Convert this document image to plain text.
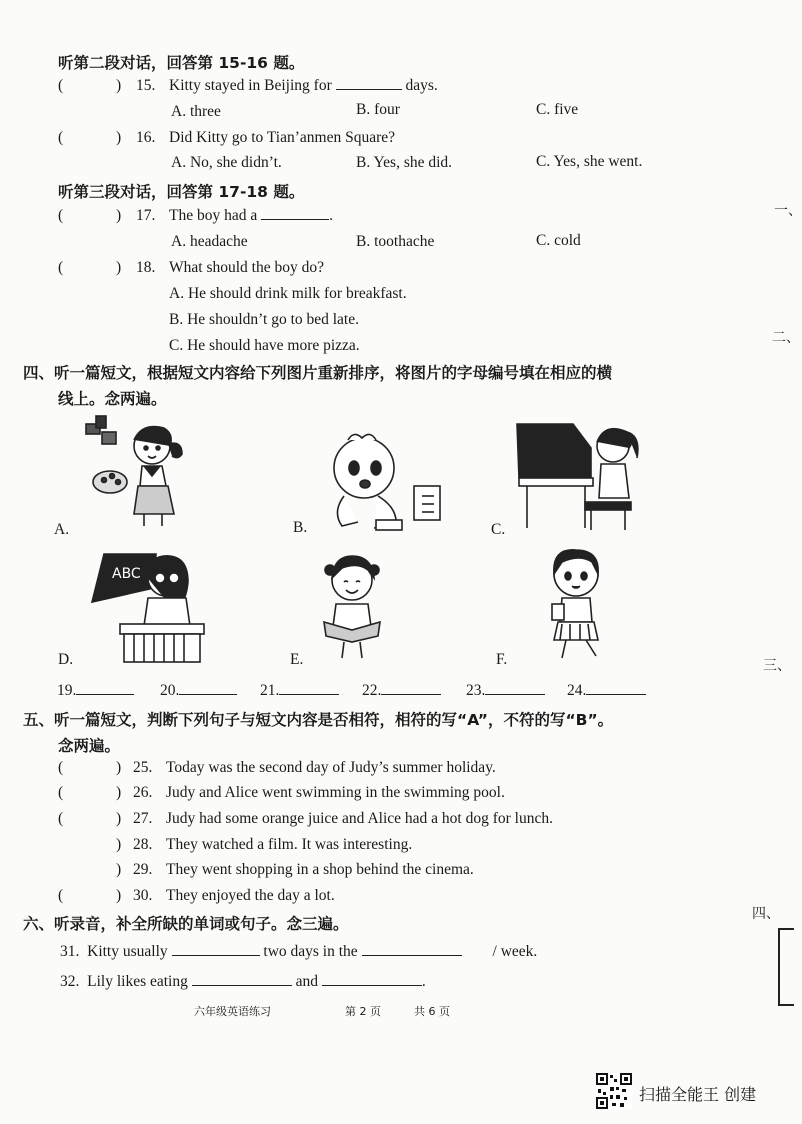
听第二段对话，回答第 15-16 题。
(	) 15. Kitty stayed in Beijing for	days.
A. three	B. four	C. five
(	) 16. Did Kitty go to Tian’anmen Square?
A. No, she didn’t.	B. Yes, she did.	C. Yes, she went.
听第三段对话，回答第 17-18 题。
(	) 17. The boy had a	.
A. headache	B. toothache	C. cold
(	) 18. What should the boy do?
A. He should drink milk for breakfast.
B. He shouldn’t go to bed late.
C. He should have more pizza.
四、听一篇短文，根据短文内容给下列图片重新排序，将图片的字母编号填在相应的横
线上。念两遍。
A.	B.	C.
D.
ABC
E.	F.
19.	20.	21.	22.	23.	24.
五、听一篇短文，判断下列句子与短文内容是否相符，相符的写“A”，不符的写“B”。
念两遍。
(	) 25. Today was the second day of Judy’s summer holiday.
(	) 26. Judy and Alice went swimming in the swimming pool.
(	) 27. Judy had some orange juice and Alice had a hot dog for lunch.
) 28. They watched a film. It was interesting.
) 29. They went shopping in a shop behind the cinema.
(	) 30. They enjoyed the day a lot.
六、听录音，补全所缺的单词或句子。念三遍。
31. Kitty usually	two days in the	/ week.
32. Lily likes eating	and	.
六年级英语练习	第 2 页	共 6 页
扫描全能王 创建
一、
二、
三、
四、
